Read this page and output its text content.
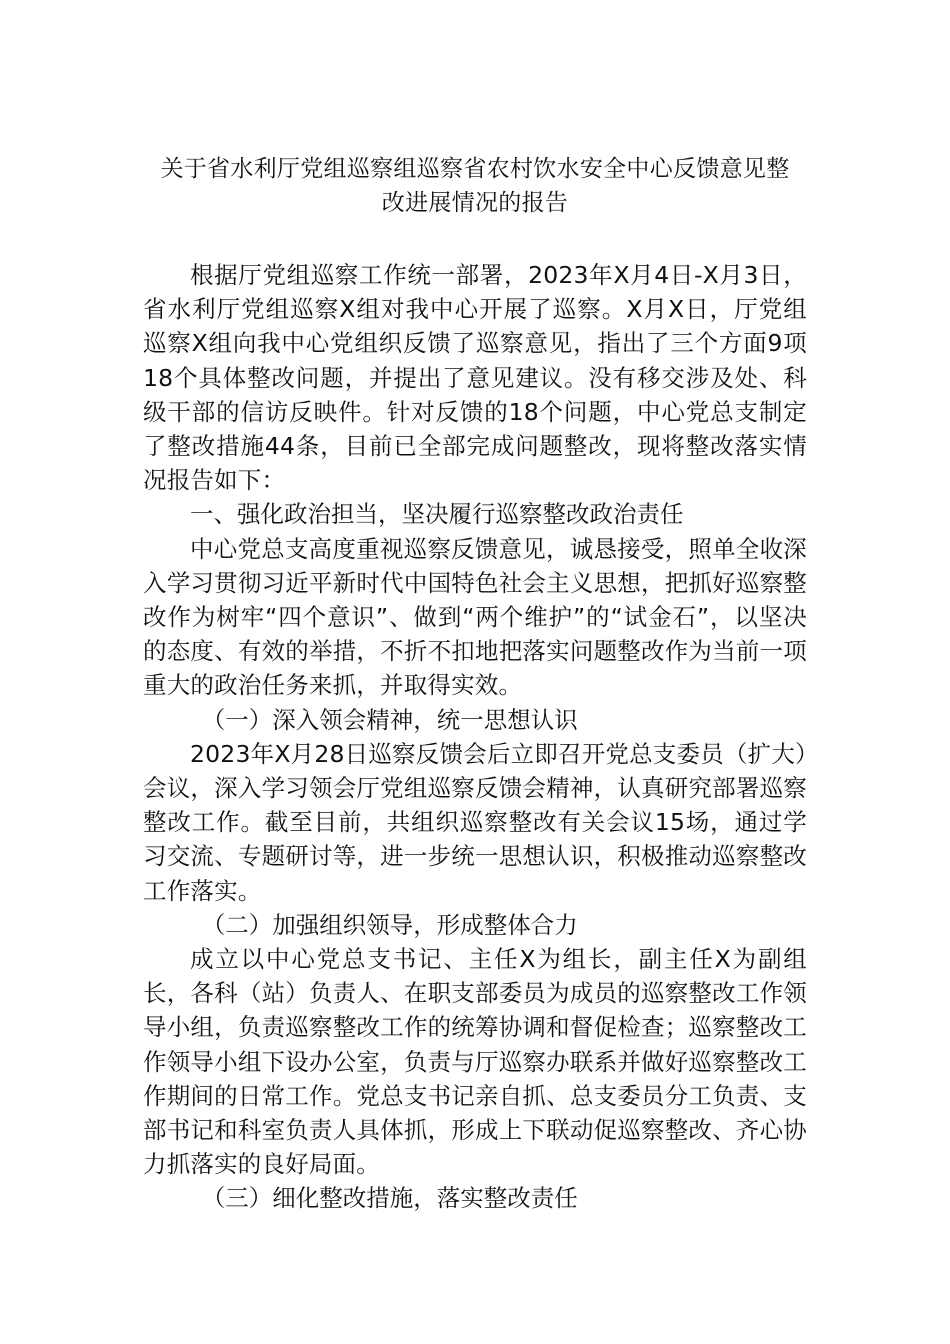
关于省水利厅党组巡察组巡察省农村饮水安全中心反馈意见整
改进展情况的报告

根据厅党组巡察工作统一部署，2023年X月4日-X月3日，省水利厅党组巡察X组对我中心开展了巡察。X月X日，厅党组巡察X组向我中心党组织反馈了巡察意见，指出了三个方面9项18个具体整改问题，并提出了意见建议。没有移交涉及处、科级干部的信访反映件。针对反馈的18个问题，中心党总支制定了整改措施44条，目前已全部完成问题整改，现将整改落实情况报告如下：

一、强化政治担当，坚决履行巡察整改政治责任

中心党总支高度重视巡察反馈意见，诚恳接受，照单全收深入学习贯彻习近平新时代中国特色社会主义思想，把抓好巡察整改作为树牢“四个意识”、做到“两个维护”的“试金石”，以坚决的态度、有效的举措，不折不扣地把落实问题整改作为当前一项重大的政治任务来抓，并取得实效。

（一）深入领会精神，统一思想认识

2023年X月28日巡察反馈会后立即召开党总支委员（扩大）会议，深入学习领会厅党组巡察反馈会精神，认真研究部署巡察整改工作。截至目前，共组织巡察整改有关会议15场，通过学习交流、专题研讨等，进一步统一思想认识，积极推动巡察整改工作落实。

（二）加强组织领导，形成整体合力

成立以中心党总支书记、主任X为组长，副主任X为副组长，各科（站）负责人、在职支部委员为成员的巡察整改工作领导小组，负责巡察整改工作的统筹协调和督促检查；巡察整改工作领导小组下设办公室，负责与厅巡察办联系并做好巡察整改工作期间的日常工作。党总支书记亲自抓、总支委员分工负责、支部书记和科室负责人具体抓，形成上下联动促巡察整改、齐心协力抓落实的良好局面。

（三）细化整改措施，落实整改责任
